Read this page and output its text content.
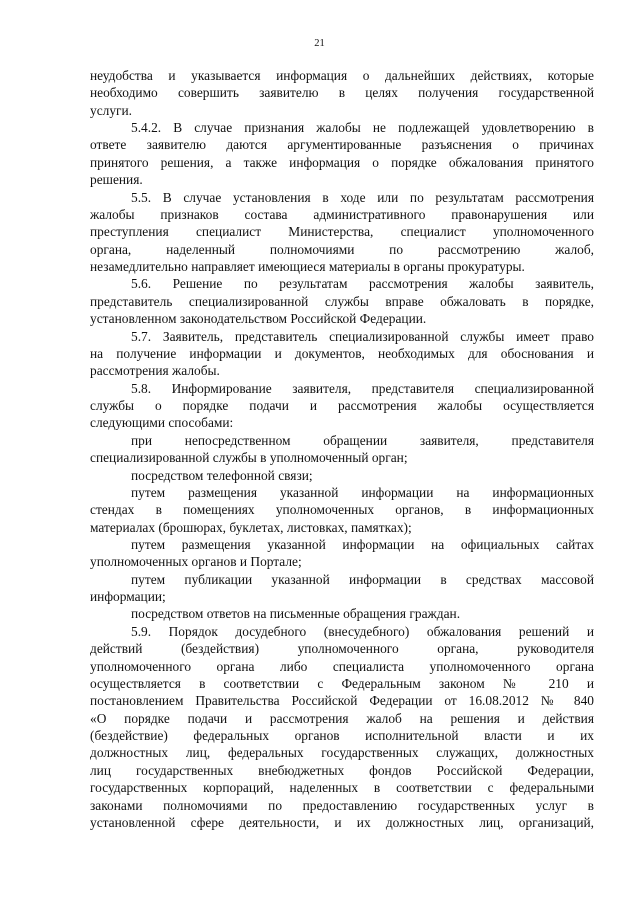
21
неудобства и указывается информация о дальнейших действиях, которые
необходимо совершить заявителю в целях получения государственной
услуги.
5.4.2. В случае признания жалобы не подлежащей удовлетворению в
ответе заявителю даются аргументированные разъяснения о причинах
принятого решения, а также информация о порядке обжалования принятого
решения.
5.5. В случае установления в ходе или по результатам рассмотрения
жалобы признаков состава административного правонарушения или
преступления специалист Министерства, специалист уполномоченного
органа, наделенный полномочиями по рассмотрению жалоб,
незамедлительно направляет имеющиеся материалы в органы прокуратуры.
5.6. Решение по результатам рассмотрения жалобы заявитель,
представитель специализированной службы вправе обжаловать в порядке,
установленном законодательством Российской Федерации.
5.7. Заявитель, представитель специализированной службы имеет право
на получение информации и документов, необходимых для обоснования и
рассмотрения жалобы.
5.8. Информирование заявителя, представителя специализированной
службы о порядке подачи и рассмотрения жалобы осуществляется
следующими способами:
при непосредственном обращении заявителя, представителя
специализированной службы в уполномоченный орган;
посредством телефонной связи;
путем размещения указанной информации на информационных
стендах в помещениях уполномоченных органов, в информационных
материалах (брошюрах, буклетах, листовках, памятках);
путем размещения указанной информации на официальных сайтах
уполномоченных органов и Портале;
путем публикации указанной информации в средствах массовой
информации;
посредством ответов на письменные обращения граждан.
5.9. Порядок досудебного (внесудебного) обжалования решений и
действий (бездействия) уполномоченного органа, руководителя
уполномоченного органа либо специалиста уполномоченного органа
осуществляется в соответствии с Федеральным законом № 210 и
постановлением Правительства Российской Федерации от 16.08.2012 № 840
«О порядке подачи и рассмотрения жалоб на решения и действия
(бездействие) федеральных органов исполнительной власти и их
должностных лиц, федеральных государственных служащих, должностных
лиц государственных внебюджетных фондов Российской Федерации,
государственных корпораций, наделенных в соответствии с федеральными
законами полномочиями по предоставлению государственных услуг в
установленной сфере деятельности, и их должностных лиц, организаций,
